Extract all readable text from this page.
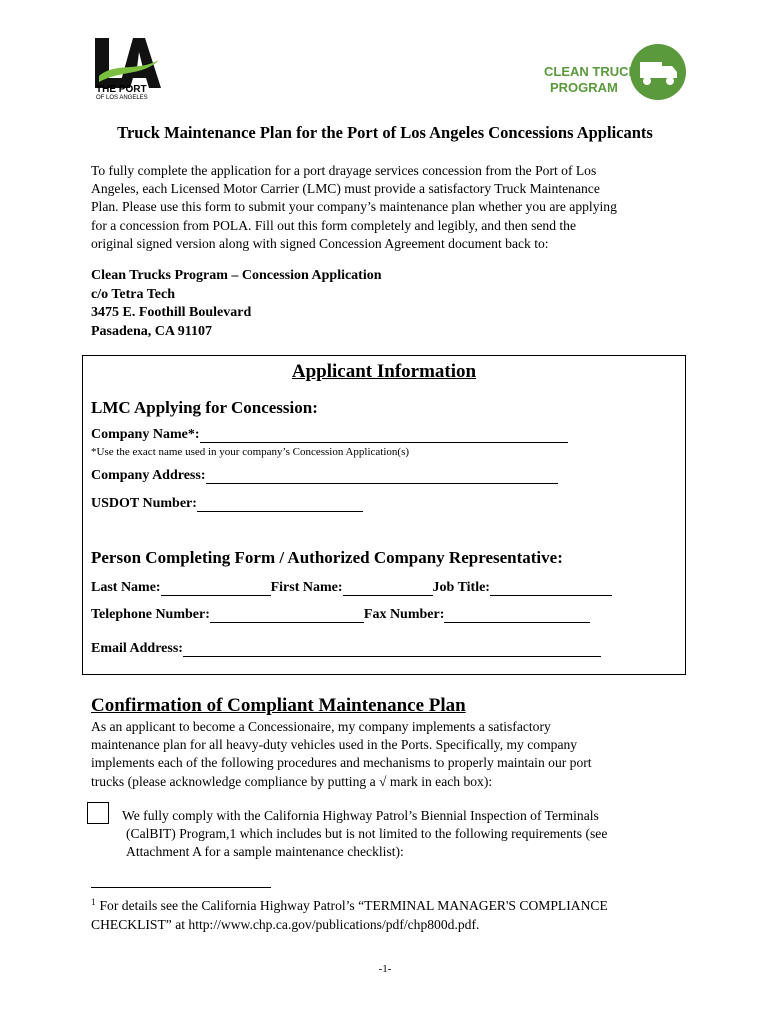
THE PORT
OF LOS ANGELES
CLEAN TRUCK
PROGRAM
Truck Maintenance Plan for the Port of Los Angeles Concessions Applicants
To fully complete the application for a port drayage services concession from the Port of Los
Angeles, each Licensed Motor Carrier (LMC) must provide a satisfactory Truck Maintenance
Plan. Please use this form to submit your company’s maintenance plan whether you are applying
for a concession from POLA. Fill out this form completely and legibly, and then send the
original signed version along with signed Concession Agreement document back to:
Clean Trucks Program – Concession Application
c/o Tetra Tech
3475 E. Foothill Boulevard
Pasadena, CA 91107
Applicant Information
LMC Applying for Concession:
Company Name*:
*Use the exact name used in your company’s Concession Application(s)
Company Address:
USDOT Number:
Person Completing Form / Authorized Company Representative:
Last Name:	First Name:	Job Title:
Telephone Number:	Fax Number:
Email Address:
Confirmation of Compliant Maintenance Plan
As an applicant to become a Concessionaire, my company implements a satisfactory
maintenance plan for all heavy-duty vehicles used in the Ports. Specifically, my company
implements each of the following procedures and mechanisms to properly maintain our port
trucks (please acknowledge compliance by putting a √ mark in each box):
We fully comply with the California Highway Patrol’s Biennial Inspection of Terminals
(CalBIT) Program,1 which includes but is not limited to the following requirements (see
Attachment A for a sample maintenance checklist):
$^1$ For details see the California Highway Patrol’s “TERMINAL MANAGER'S COMPLIANCE
CHECKLIST” at http://www.chp.ca.gov/publications/pdf/chp800d.pdf.
-1-
